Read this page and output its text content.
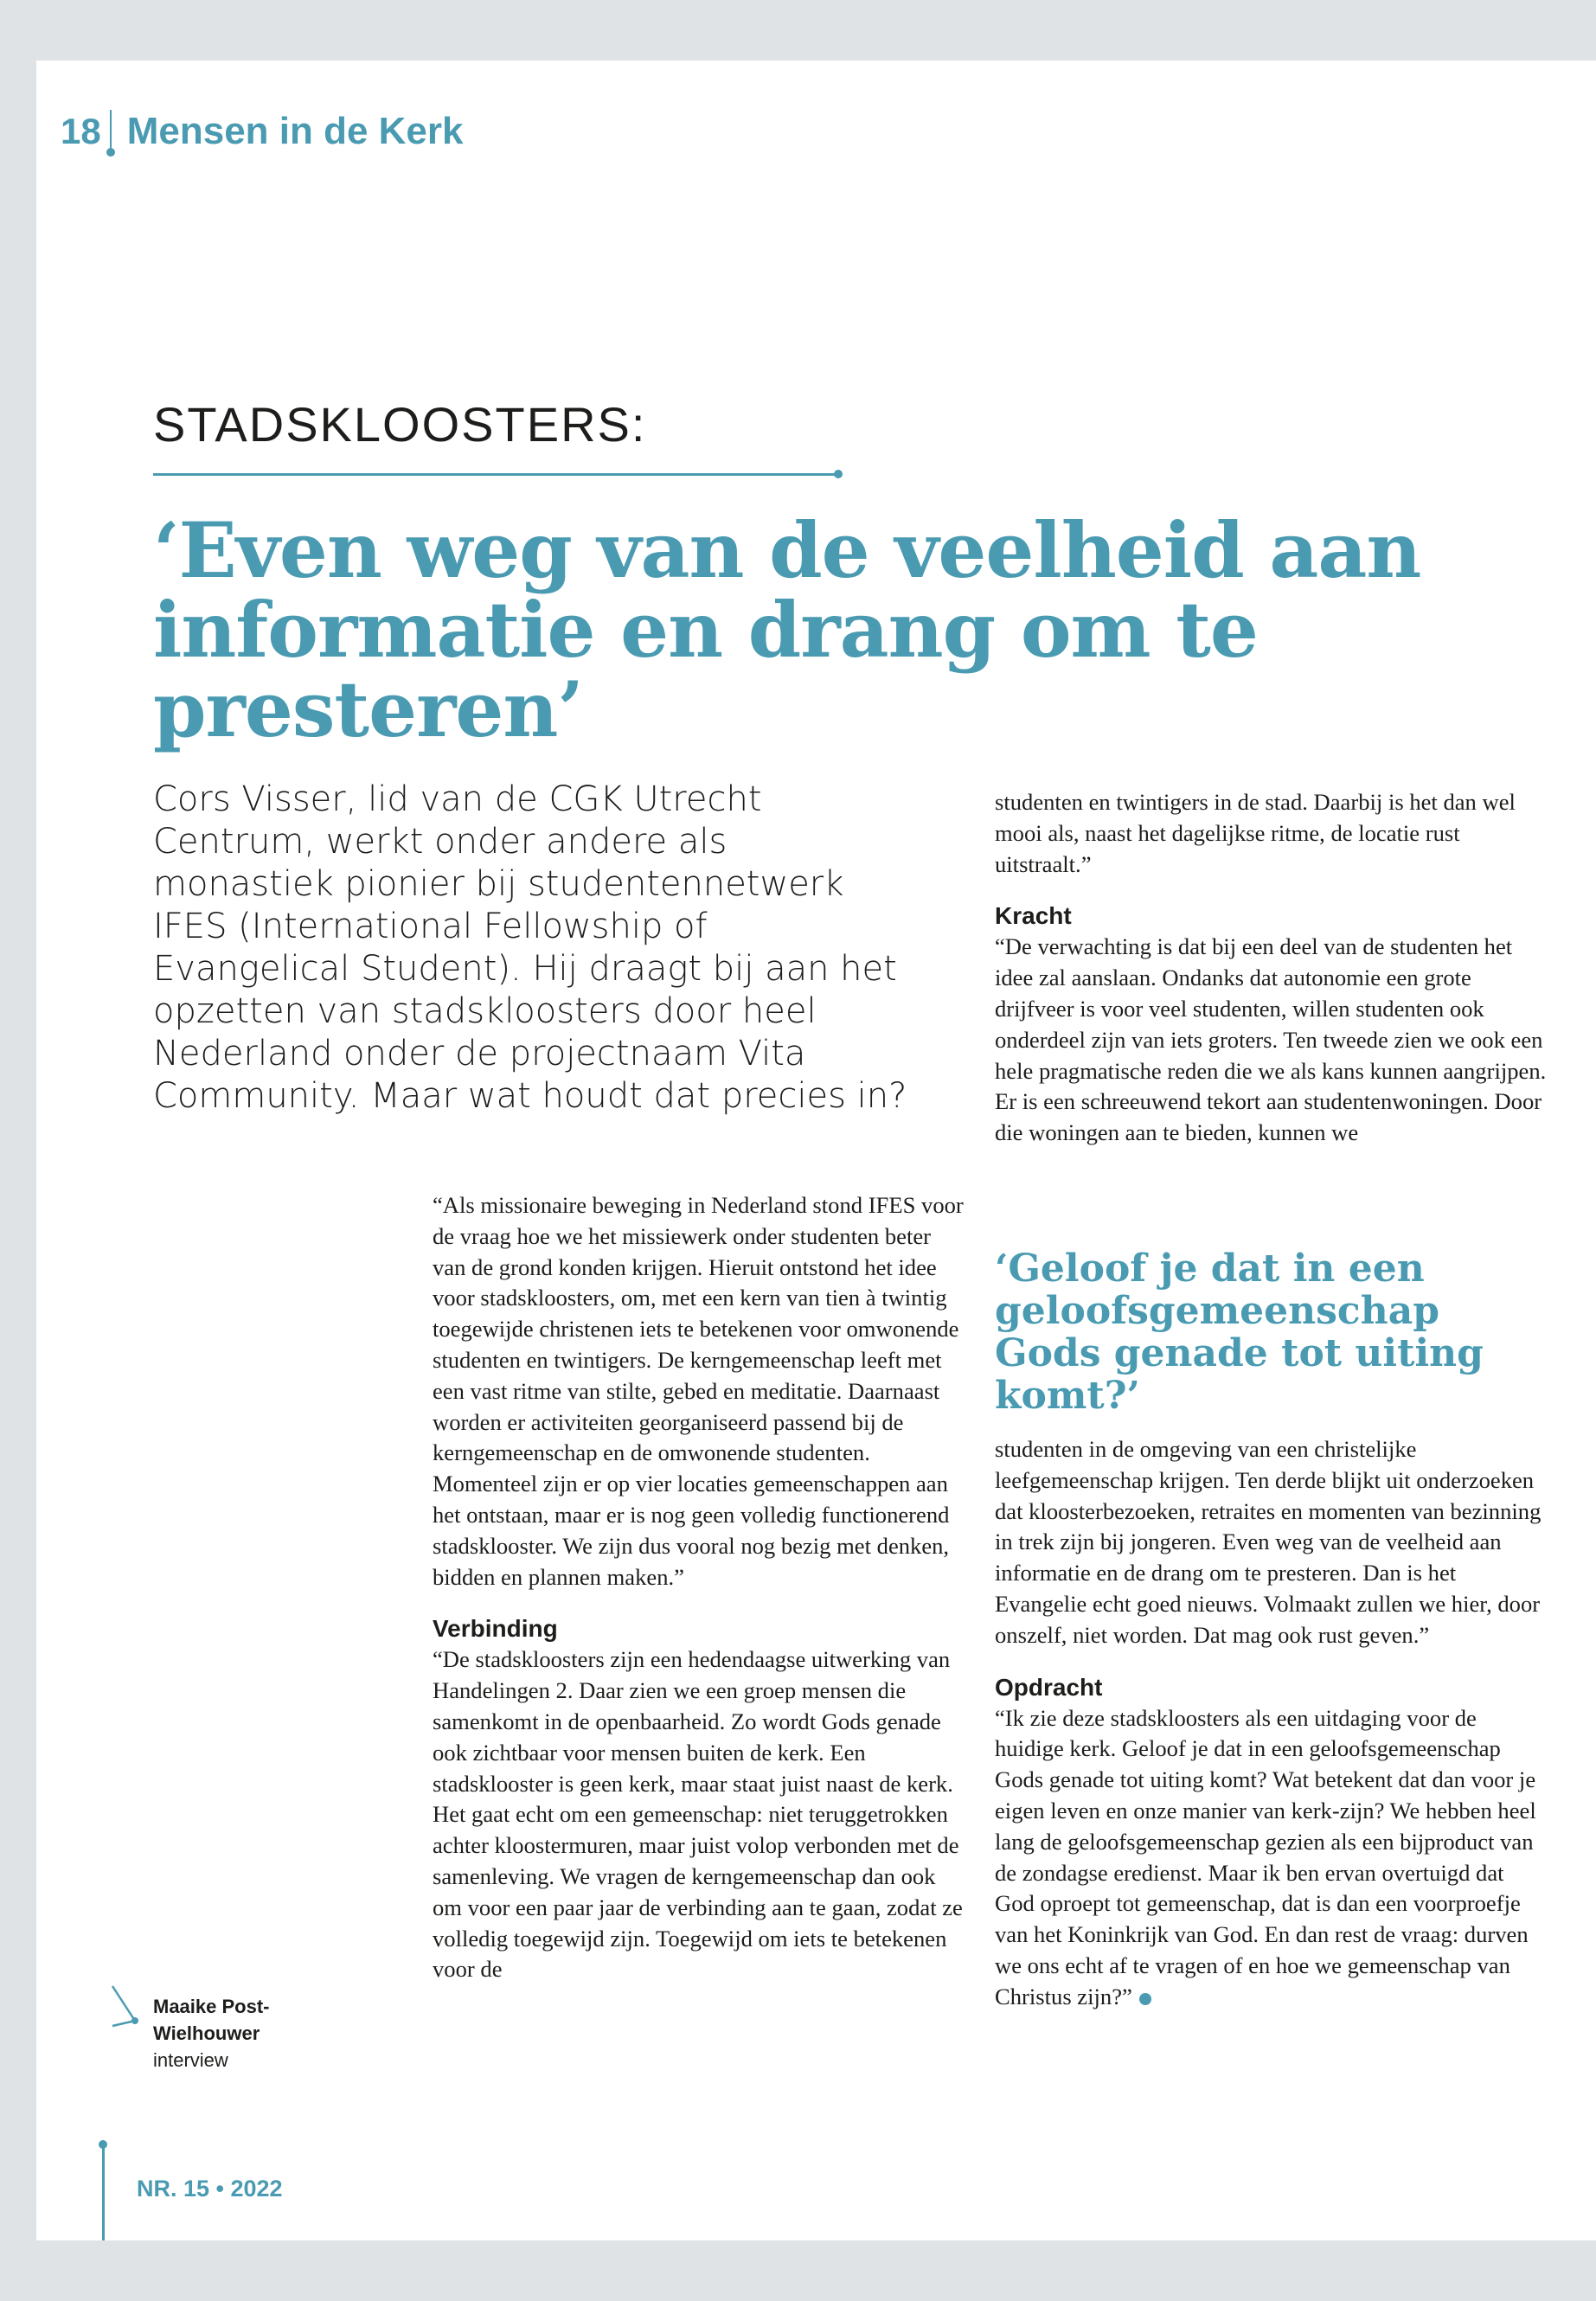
18 Mensen in de Kerk
STADSKLOOSTERS:
‘Even weg van de veelheid aan informatie en drang om te presteren’

Cors Visser, lid van de CGK Utrecht Centrum, werkt onder andere als monastiek pionier bij studentennetwerk IFES (International Fellowship of Evangelical Student). Hij draagt bij aan het opzetten van stadskloosters door heel Nederland onder de projectnaam Vita Community. Maar wat houdt dat precies in?

studenten en twintigers in de stad. Daarbij is het dan wel mooi als, naast het dagelijkse ritme, de locatie rust uitstraalt.”

Kracht

“De verwachting is dat bij een deel van de studenten het idee zal aanslaan. Ondanks dat autonomie een grote drijfveer is voor veel studenten, willen studenten ook onderdeel zijn van iets groters. Ten tweede zien we ook een hele pragmatische reden die we als kans kunnen aangrijpen. Er is een schreeuwend tekort aan studentenwoningen. Door die woningen aan te bieden, kunnen we

‘Geloof je dat in een geloofsgemeenschap Gods genade tot uiting komt?’

“Als missionaire beweging in Nederland stond IFES voor de vraag hoe we het missiewerk onder studenten beter van de grond konden krijgen. Hieruit ontstond het idee voor stadskloosters, om, met een kern van tien à twintig toegewijde christenen iets te betekenen voor omwonende studenten en twintigers. De kerngemeenschap leeft met een vast ritme van stilte, gebed en meditatie. Daarnaast worden er activiteiten georganiseerd passend bij de kerngemeenschap en de omwonende studenten. Momenteel zijn er op vier locaties gemeenschappen aan het ontstaan, maar er is nog geen volledig functionerend stadsklooster. We zijn dus vooral nog bezig met denken, bidden en plannen maken.”

Verbinding

“De stadskloosters zijn een hedendaagse uitwerking van Handelingen 2. Daar zien we een groep mensen die samenkomt in de openbaarheid. Zo wordt Gods genade ook zichtbaar voor mensen buiten de kerk. Een stadsklooster is geen kerk, maar staat juist naast de kerk. Het gaat echt om een gemeenschap: niet teruggetrokken achter kloostermuren, maar juist volop verbonden met de samenleving. We vragen de kerngemeenschap dan ook om voor een paar jaar de verbinding aan te gaan, zodat ze volledig toegewijd zijn. Toegewijd om iets te betekenen voor de

studenten in de omgeving van een christelijke leefgemeenschap krijgen. Ten derde blijkt uit onderzoeken dat kloosterbezoeken, retraites en momenten van bezinning in trek zijn bij jongeren. Even weg van de veelheid aan informatie en de drang om te presteren. Dan is het Evangelie echt goed nieuws. Volmaakt zullen we hier, door onszelf, niet worden. Dat mag ook rust geven.”

Opdracht

“Ik zie deze stadskloosters als een uitdaging voor de huidige kerk. Geloof je dat in een geloofsgemeenschap Gods genade tot uiting komt? Wat betekent dat dan voor je eigen leven en onze manier van kerk-zijn? We hebben heel lang de geloofsgemeenschap gezien als een bijproduct van de zondagse eredienst. Maar ik ben ervan overtuigd dat God oproept tot gemeenschap, dat is dan een voorproefje van het Koninkrijk van God. En dan rest de vraag: durven we ons echt af te vragen of en hoe we gemeenschap van Christus zijn?”

Maaike Post-
Wielhouwer
interview
NR. 15 • 2022
